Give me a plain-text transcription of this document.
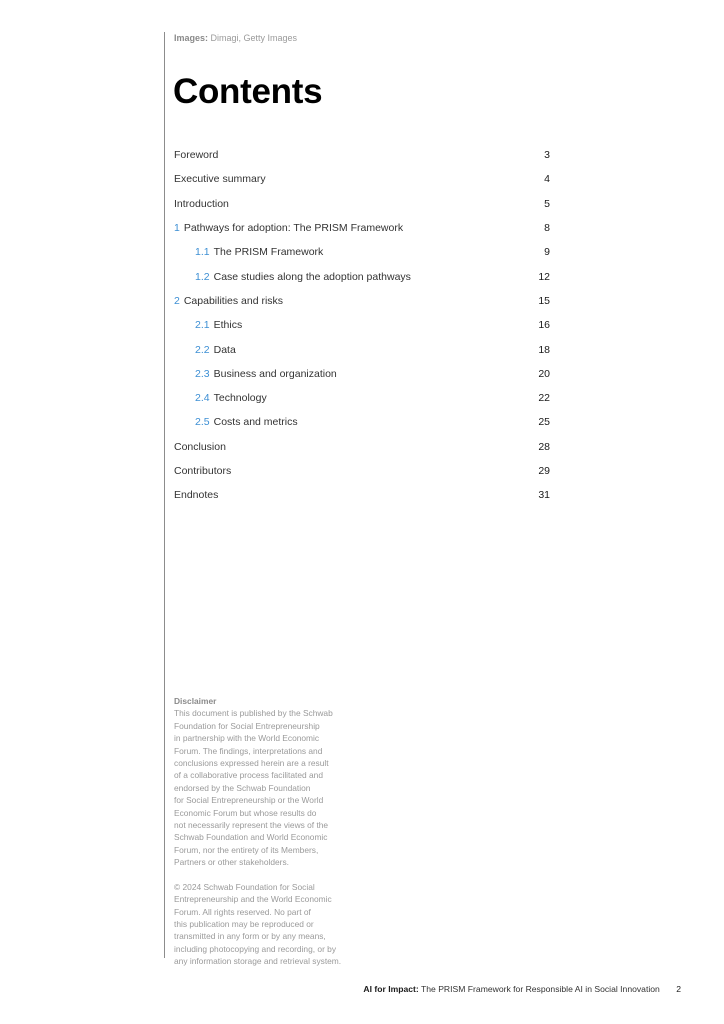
Images: Dimagi, Getty Images
Contents
Foreword	3
Executive summary	4
Introduction	5
1 Pathways for adoption: The PRISM Framework	8
1.1 The PRISM Framework	9
1.2 Case studies along the adoption pathways	12
2 Capabilities and risks	15
2.1 Ethics	16
2.2 Data	18
2.3 Business and organization	20
2.4 Technology	22
2.5 Costs and metrics	25
Conclusion	28
Contributors	29
Endnotes	31
Disclaimer

This document is published by the Schwab
Foundation for Social Entrepreneurship
in partnership with the World Economic
Forum. The findings, interpretations and
conclusions expressed herein are a result
of a collaborative process facilitated and
endorsed by the Schwab Foundation
for Social Entrepreneurship or the World
Economic Forum but whose results do
not necessarily represent the views of the
Schwab Foundation and World Economic
Forum, nor the entirety of its Members,
Partners or other stakeholders.

© 2024 Schwab Foundation for Social
Entrepreneurship and the World Economic
Forum. All rights reserved. No part of
this publication may be reproduced or
transmitted in any form or by any means,
including photocopying and recording, or by
any information storage and retrieval system.

AI for Impact: The PRISM Framework for Responsible AI in Social Innovation 2
